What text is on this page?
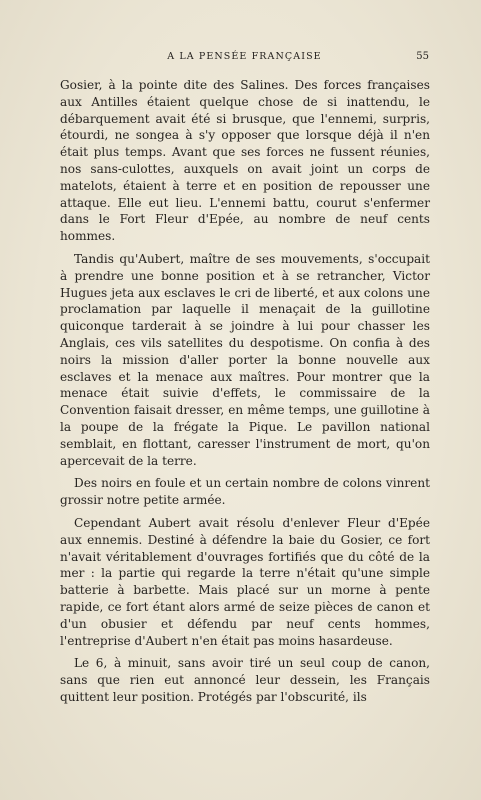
A LA PENSÉE FRANÇAISE	55

Gosier, à la pointe dite des Salines. Des forces françaises aux Antilles étaient quelque chose de si inattendu, le débarquement avait été si brusque, que l'ennemi, surpris, étourdi, ne songea à s'y opposer que lorsque déjà il n'en était plus temps. Avant que ses forces ne fussent réunies, nos sans-culottes, auxquels on avait joint un corps de matelots, étaient à terre et en position de repousser une attaque. Elle eut lieu. L'ennemi battu, courut s'enfermer dans le Fort Fleur d'Epée, au nombre de neuf cents hommes.

Tandis qu'Aubert, maître de ses mouvements, s'occupait à prendre une bonne position et à se retrancher, Victor Hugues jeta aux esclaves le cri de liberté, et aux colons une proclamation par laquelle il menaçait de la guillotine quiconque tarderait à se joindre à lui pour chasser les Anglais, ces vils satellites du despotisme. On confia à des noirs la mission d'aller porter la bonne nouvelle aux esclaves et la menace aux maîtres. Pour montrer que la menace était suivie d'effets, le commissaire de la Convention faisait dresser, en même temps, une guillotine à la poupe de la frégate la Pique. Le pavillon national semblait, en flottant, caresser l'instrument de mort, qu'on apercevait de la terre.

Des noirs en foule et un certain nombre de colons vinrent grossir notre petite armée.

Cependant Aubert avait résolu d'enlever Fleur d'Epée aux ennemis. Destiné à défendre la baie du Gosier, ce fort n'avait véritablement d'ouvrages fortifiés que du côté de la mer : la partie qui regarde la terre n'était qu'une simple batterie à barbette. Mais placé sur un morne à pente rapide, ce fort étant alors armé de seize pièces de canon et d'un obusier et défendu par neuf cents hommes, l'entreprise d'Aubert n'en était pas moins hasardeuse.

Le 6, à minuit, sans avoir tiré un seul coup de canon, sans que rien eut annoncé leur dessein, les Français quittent leur position. Protégés par l'obscurité, ils
